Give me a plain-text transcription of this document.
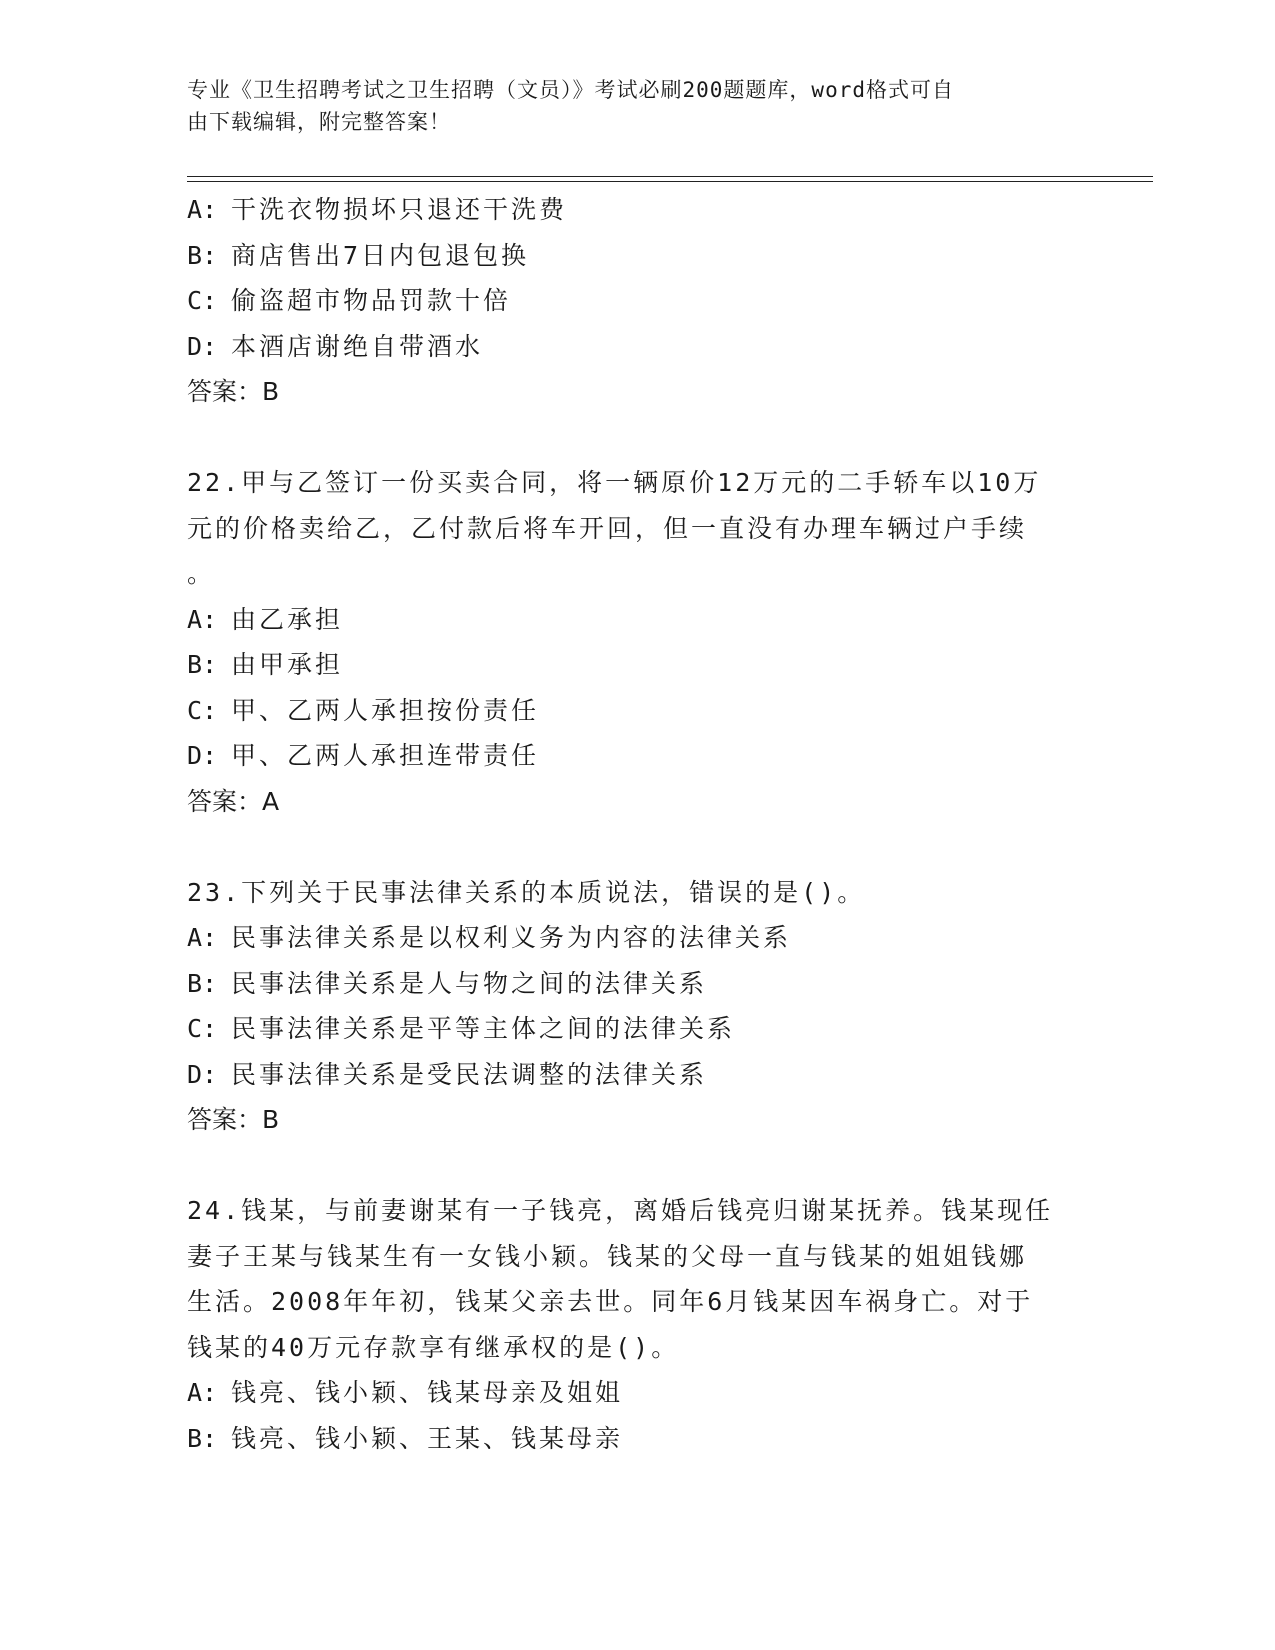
专业《卫生招聘考试之卫生招聘（文员）》考试必刷200题题库，word格式可自
由下载编辑，附完整答案！
A: 干洗衣物损坏只退还干洗费
B: 商店售出7日内包退包换
C: 偷盗超市物品罚款十倍
D: 本酒店谢绝自带酒水
答案：B
22.甲与乙签订一份买卖合同，将一辆原价12万元的二手轿车以10万
元的价格卖给乙，乙付款后将车开回，但一直没有办理车辆过户手续
。
A: 由乙承担
B: 由甲承担
C: 甲、乙两人承担按份责任
D: 甲、乙两人承担连带责任
答案：A
23.下列关于民事法律关系的本质说法，错误的是()。
A: 民事法律关系是以权利义务为内容的法律关系
B: 民事法律关系是人与物之间的法律关系
C: 民事法律关系是平等主体之间的法律关系
D: 民事法律关系是受民法调整的法律关系
答案：B
24.钱某，与前妻谢某有一子钱亮，离婚后钱亮归谢某抚养。钱某现任
妻子王某与钱某生有一女钱小颖。钱某的父母一直与钱某的姐姐钱娜
生活。2008年年初，钱某父亲去世。同年6月钱某因车祸身亡。对于
钱某的40万元存款享有继承权的是()。
A: 钱亮、钱小颖、钱某母亲及姐姐
B: 钱亮、钱小颖、王某、钱某母亲
